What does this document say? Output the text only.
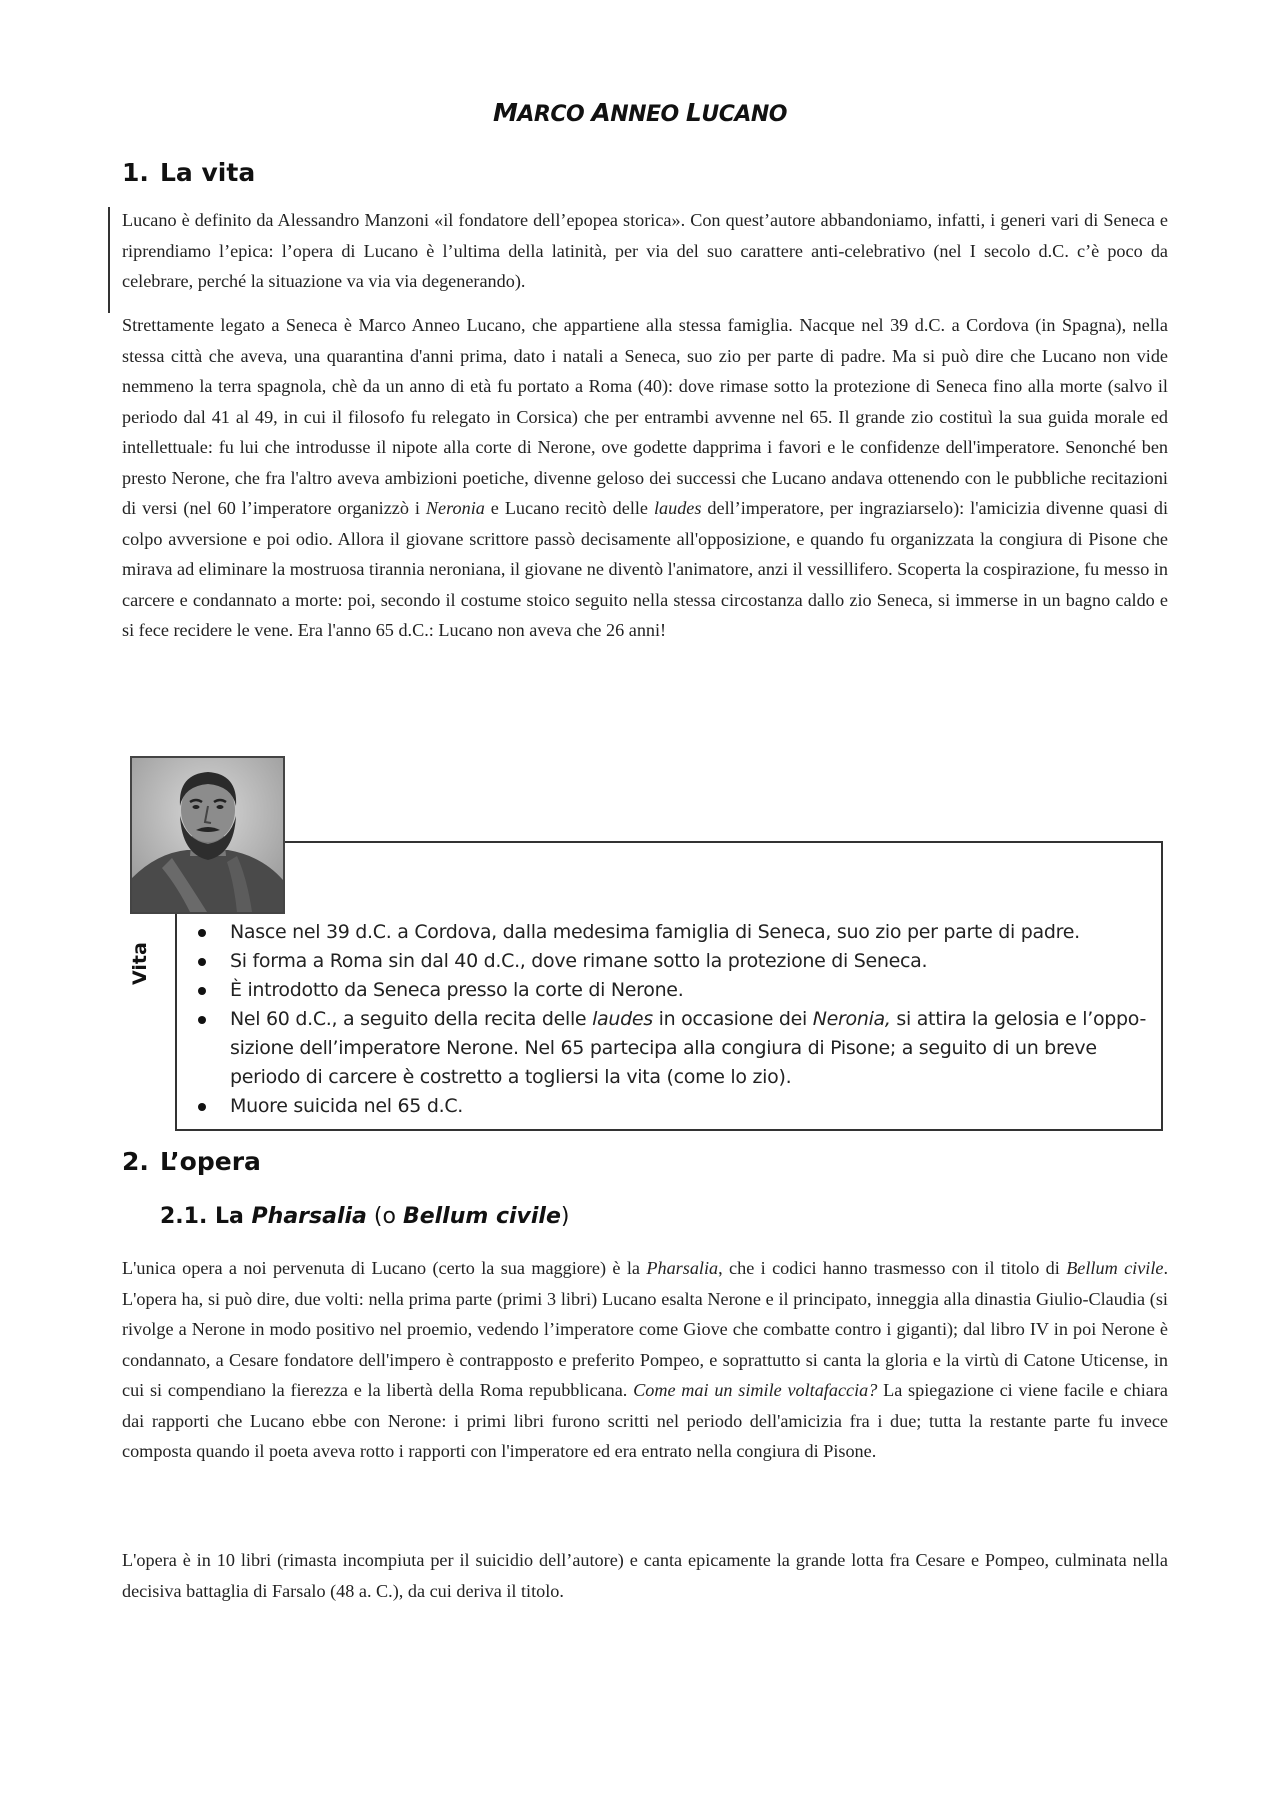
MARCO ANNEO LUCANO
1. La vita

Lucano è definito da Alessandro Manzoni «il fondatore dell’epopea storica». Con quest’autore abbandoniamo, infatti, i generi vari di Seneca e riprendiamo l’epica: l’opera di Lucano è l’ultima della latinità, per via del suo carattere anti-celebrativo (nel I secolo d.C. c’è poco da celebrare, perché la situazione va via via degenerando).

Strettamente legato a Seneca è Marco Anneo Lucano, che appartiene alla stessa famiglia. Nacque nel 39 d.C. a Cordova (in Spagna), nella stessa città che aveva, una quarantina d'anni prima, dato i natali a Seneca, suo zio per parte di padre. Ma si può dire che Lucano non vide nemmeno la terra spagnola, chè da un anno di età fu portato a Roma (40): dove rimase sotto la protezione di Seneca fino alla morte (salvo il periodo dal 41 al 49, in cui il filosofo fu relegato in Corsica) che per entrambi avvenne nel 65. Il grande zio costituì la sua guida morale ed intellettuale: fu lui che introdusse il nipote alla corte di Nerone, ove godette dapprima i favori e le confidenze dell'imperatore. Senonché ben presto Nerone, che fra l'altro aveva ambizioni poetiche, divenne geloso dei successi che Lucano andava ottenendo con le pubbliche recitazioni di versi (nel 60 l’imperatore organizzò i Neronia e Lucano recitò delle laudes dell’imperatore, per ingraziarselo): l'amicizia divenne quasi di colpo avversione e poi odio. Allora il giovane scrittore passò decisamente all'opposizione, e quando fu organizzata la congiura di Pisone che mirava ad eliminare la mostruosa tirannia neroniana, il giovane ne diventò l'animatore, anzi il vessillifero. Scoperta la cospirazione, fu messo in carcere e condannato a morte: poi, secondo il costume stoico seguito nella stessa circostanza dallo zio Seneca, si immerse in un bagno caldo e si fece recidere le vene. Era l'anno 65 d.C.: Lucano non aveva che 26 anni!

Vita
Nasce nel 39 d.C. a Cordova, dalla medesima famiglia di Seneca, suo zio per parte di padre.
Si forma a Roma sin dal 40 d.C., dove rimane sotto la protezione di Seneca.
È introdotto da Seneca presso la corte di Nerone.
Nel 60 d.C., a seguito della recita delle laudes in occasione dei Neronia, si attira la gelosia e l’oppo-
sizione dell’imperatore Nerone. Nel 65 partecipa alla congiura di Pisone; a seguito di un breve
periodo di carcere è costretto a togliersi la vita (come lo zio).
Muore suicida nel 65 d.C.
2. L’opera
2.1. La Pharsalia (o Bellum civile)

L'unica opera a noi pervenuta di Lucano (certo la sua maggiore) è la Pharsalia, che i codici hanno trasmesso con il titolo di Bellum civile. L'opera ha, si può dire, due volti: nella prima parte (primi 3 libri) Lucano esalta Nerone e il principato, inneggia alla dinastia Giulio-Claudia (si rivolge a Nerone in modo positivo nel proemio, vedendo l’imperatore come Giove che combatte contro i giganti); dal libro IV in poi Nerone è condannato, a Cesare fondatore dell'impero è contrapposto e preferito Pompeo, e soprattutto si canta la gloria e la virtù di Catone Uticense, in cui si compendiano la fierezza e la libertà della Roma repubblicana. Come mai un simile voltafaccia? La spiegazione ci viene facile e chiara dai rapporti che Lucano ebbe con Nerone: i primi libri furono scritti nel periodo dell'amicizia fra i due; tutta la restante parte fu invece composta quando il poeta aveva rotto i rapporti con l'imperatore ed era entrato nella congiura di Pisone.

L'opera è in 10 libri (rimasta incompiuta per il suicidio dell’autore) e canta epicamente la grande lotta fra Cesare e Pompeo, culminata nella decisiva battaglia di Farsalo (48 a. C.), da cui deriva il titolo.
